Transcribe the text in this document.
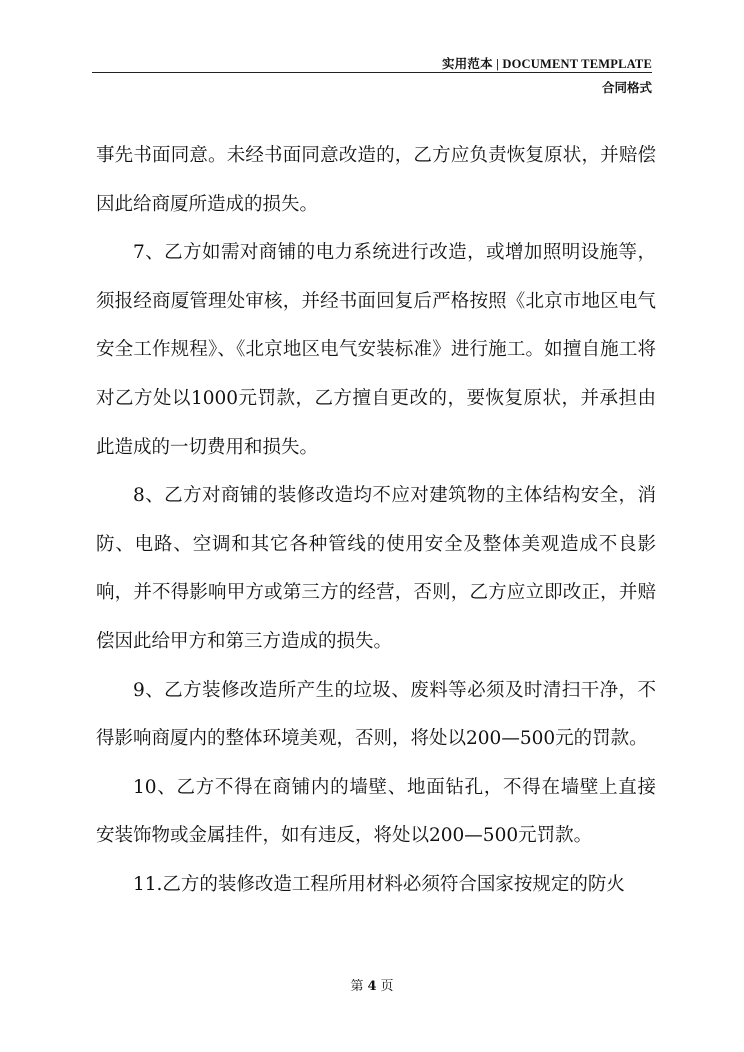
实用范本 | DOCUMENT TEMPLATE
合同格式

事先书面同意。未经书面同意改造的，乙方应负责恢复原状，并赔偿因此给商厦所造成的损失。

7、乙方如需对商铺的电力系统进行改造，或增加照明设施等，须报经商厦管理处审核，并经书面回复后严格按照《北京市地区电气安全工作规程》、《北京地区电气安装标准》进行施工。如擅自施工将对乙方处以1000元罚款，乙方擅自更改的，要恢复原状，并承担由此造成的一切费用和损失。

8、乙方对商铺的装修改造均不应对建筑物的主体结构安全，消防、电路、空调和其它各种管线的使用安全及整体美观造成不良影响，并不得影响甲方或第三方的经营，否则，乙方应立即改正，并赔偿因此给甲方和第三方造成的损失。

9、乙方装修改造所产生的垃圾、废料等必须及时清扫干净，不得影响商厦内的整体环境美观，否则，将处以200—500元的罚款。

10、乙方不得在商铺内的墙壁、地面钻孔，不得在墙壁上直接安装饰物或金属挂件，如有违反，将处以200—500元罚款。

11.乙方的装修改造工程所用材料必须符合国家按规定的防火

第 4 页
